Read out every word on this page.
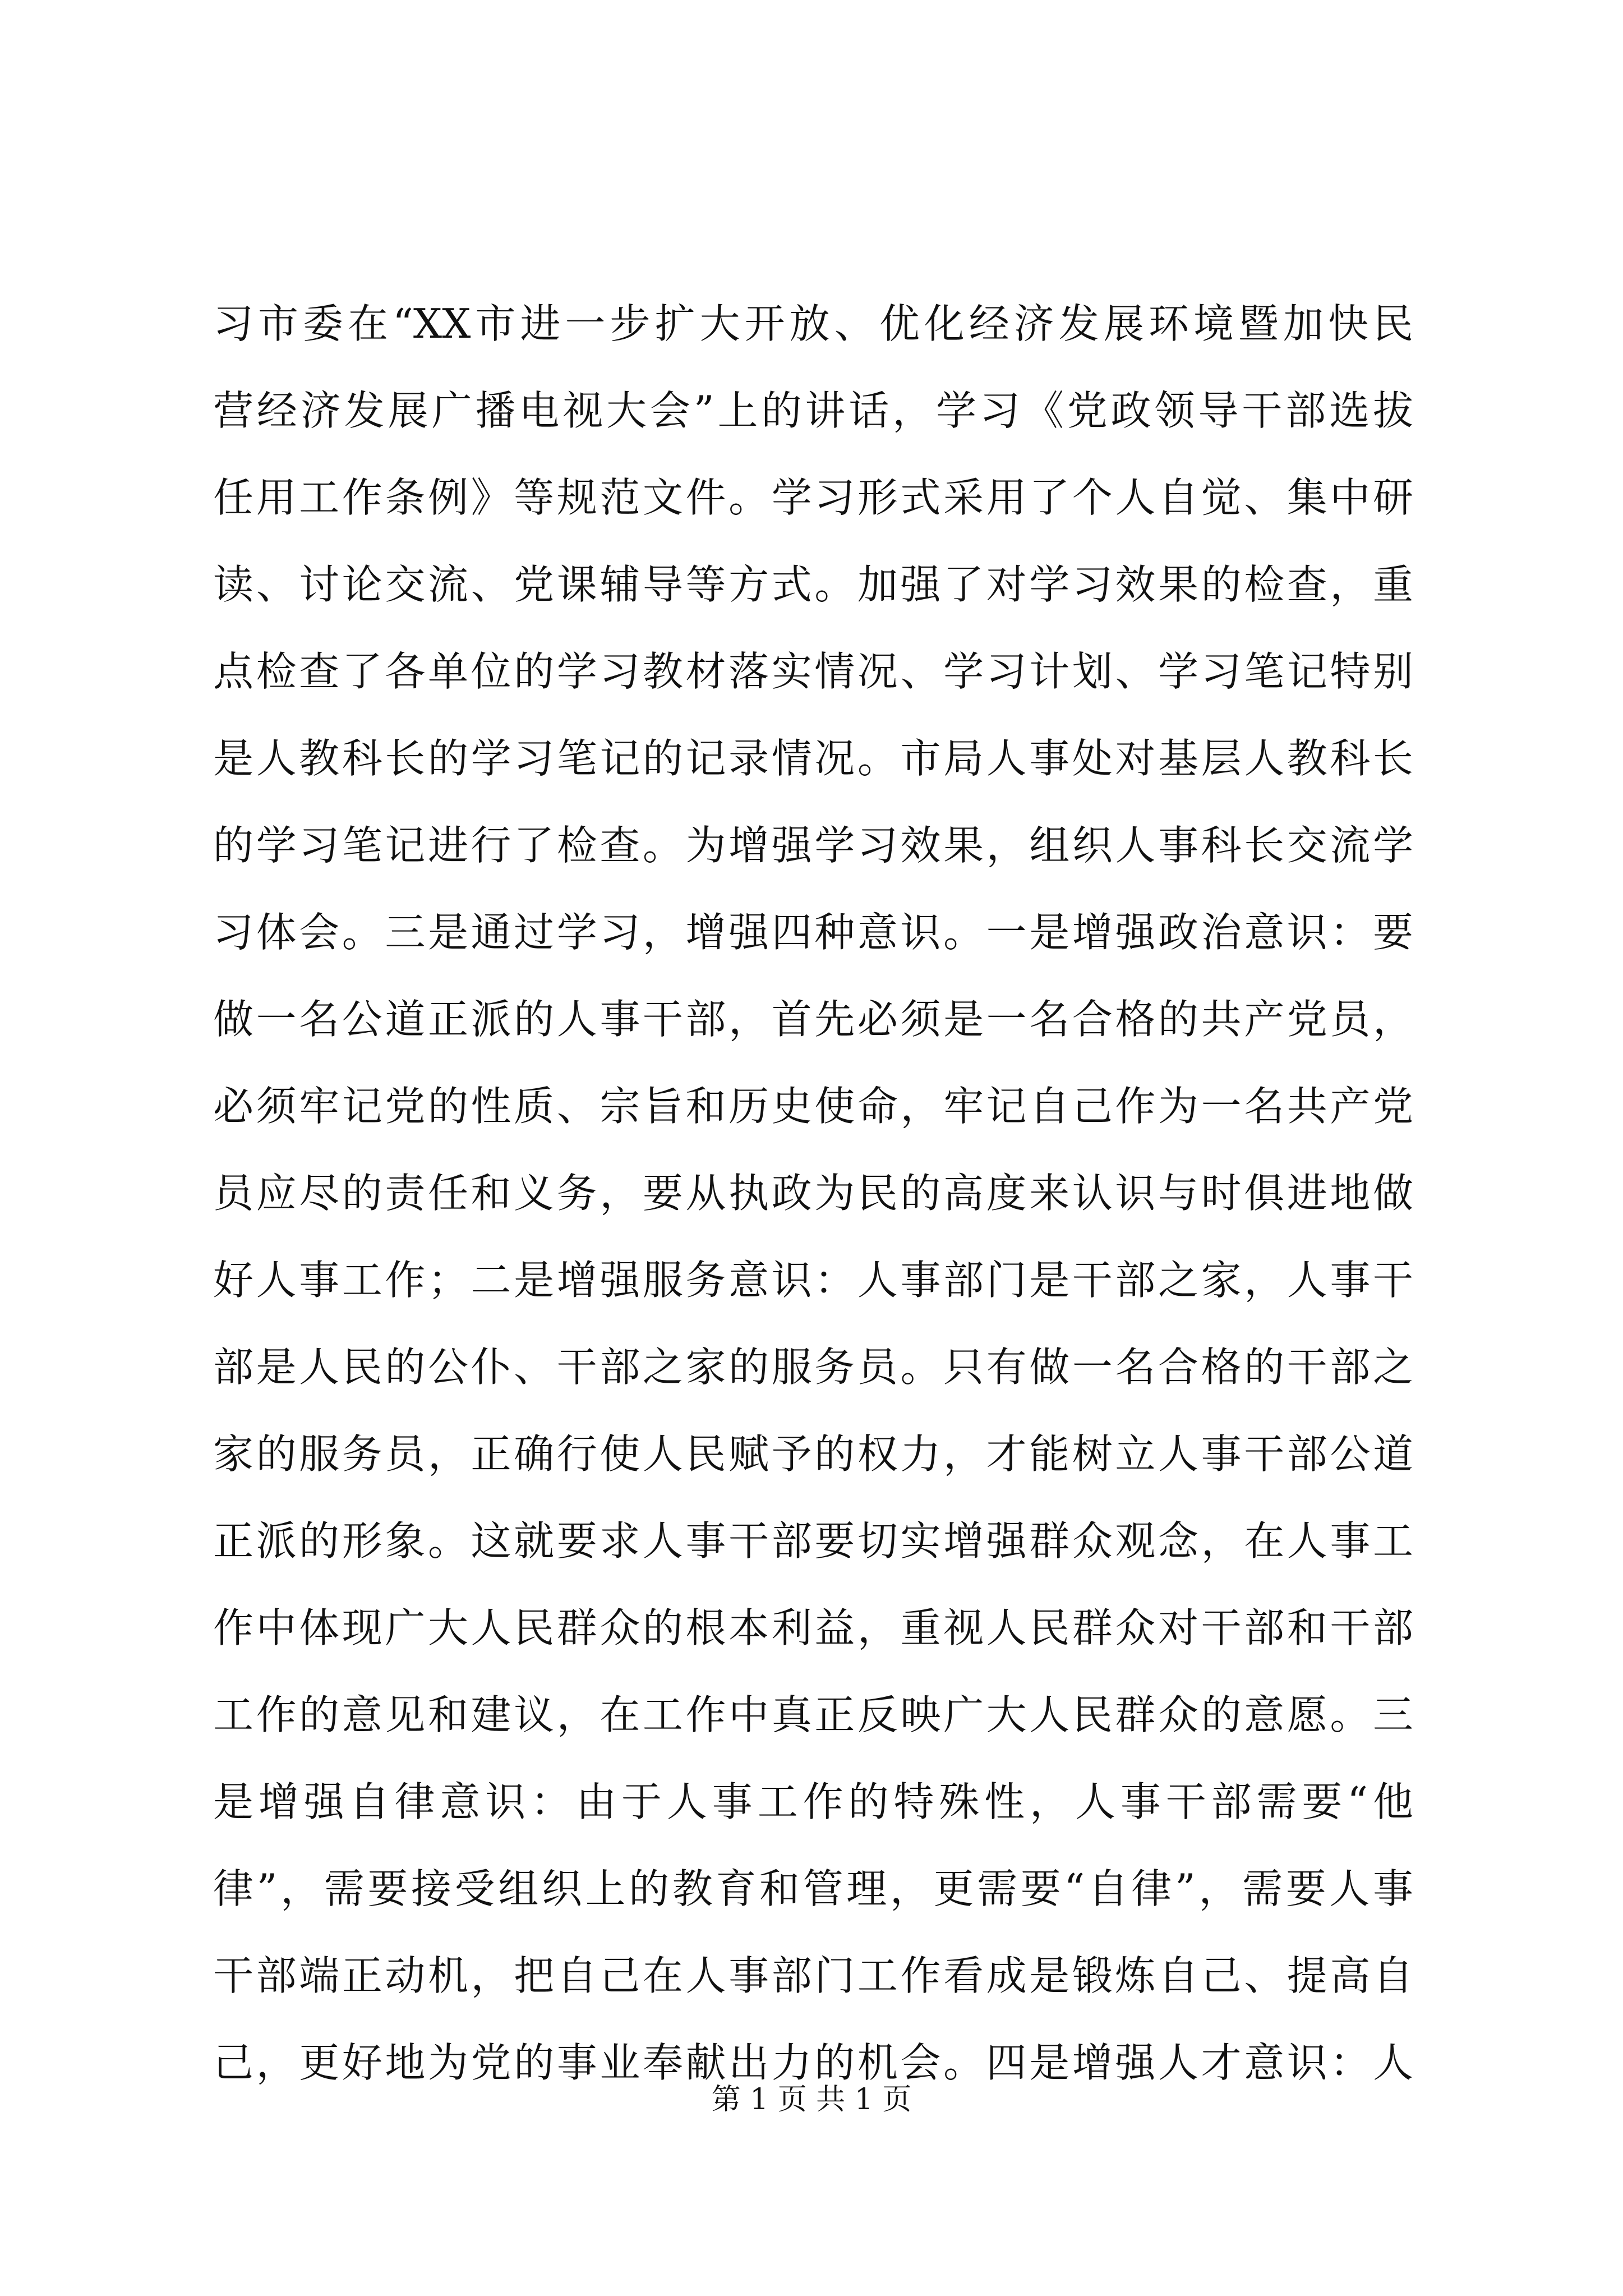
习市委在“XX市进一步扩大开放、优化经济发展环境暨加快民
营经济发展广播电视大会”上的讲话，学习《党政领导干部选拔
任用工作条例》等规范文件。学习形式采用了个人自觉、集中研
读、讨论交流、党课辅导等方式。加强了对学习效果的检查，重
点检查了各单位的学习教材落实情况、学习计划、学习笔记特别
是人教科长的学习笔记的记录情况。市局人事处对基层人教科长
的学习笔记进行了检查。为增强学习效果，组织人事科长交流学
习体会。三是通过学习，增强四种意识。一是增强政治意识：要
做一名公道正派的人事干部，首先必须是一名合格的共产党员，
必须牢记党的性质、宗旨和历史使命，牢记自己作为一名共产党
员应尽的责任和义务，要从执政为民的高度来认识与时俱进地做
好人事工作；二是增强服务意识：人事部门是干部之家，人事干
部是人民的公仆、干部之家的服务员。只有做一名合格的干部之
家的服务员，正确行使人民赋予的权力，才能树立人事干部公道
正派的形象。这就要求人事干部要切实增强群众观念，在人事工
作中体现广大人民群众的根本利益，重视人民群众对干部和干部
工作的意见和建议，在工作中真正反映广大人民群众的意愿。三
是增强自律意识：由于人事工作的特殊性，人事干部需要“他
律”，需要接受组织上的教育和管理，更需要“自律”，需要人事
干部端正动机，把自己在人事部门工作看成是锻炼自己、提高自
己，更好地为党的事业奉献出力的机会。四是增强人才意识：人
第 1 页 共 1 页
